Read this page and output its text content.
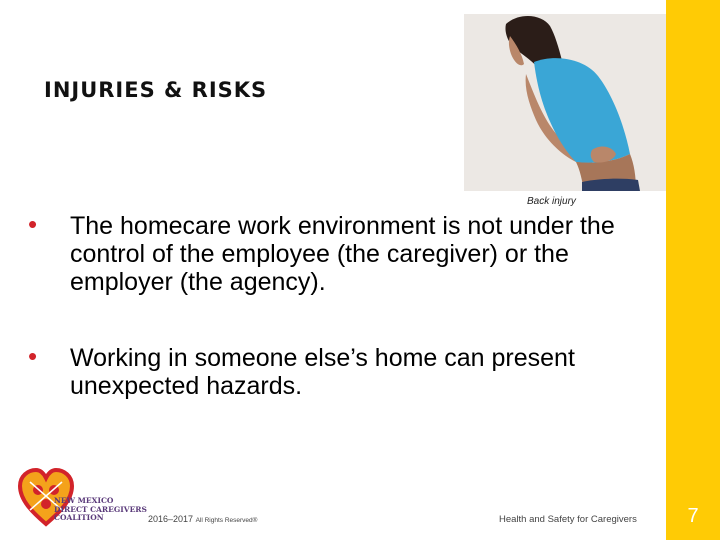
7
INJURIES & RISKS
Back injury
• The homecare work environment is not under the control of the employee (the caregiver) or the employer (the agency).
• Working in someone else’s home can present unexpected hazards.
NEW MEXICO
DIRECT CAREGIVERS
COALITION	2016–2017 All Rights Reserved®	Health and Safety for Caregivers
